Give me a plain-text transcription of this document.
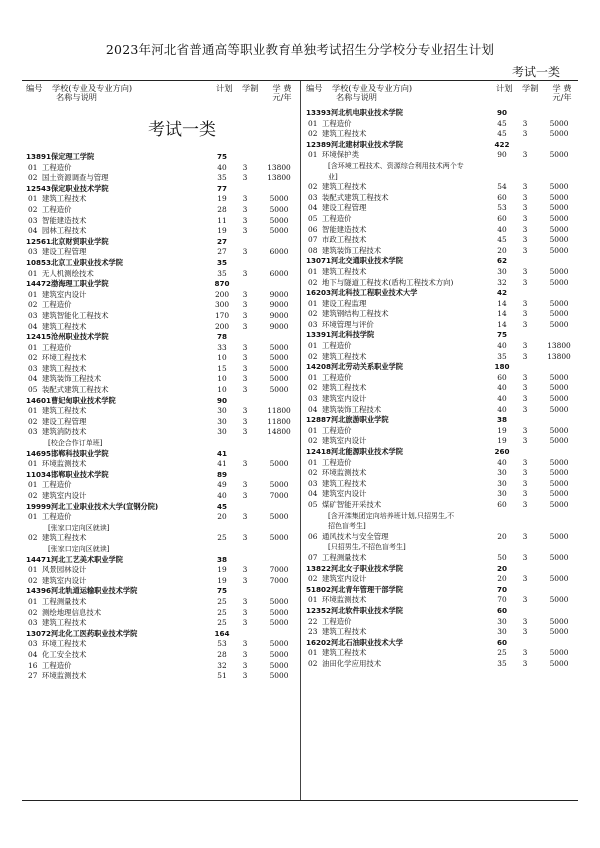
2023年河北省普通高等职业教育单独考试招生分学校分专业招生计划
考试一类
编号 学校(专业及专业方向)
名称与说明
计划 学制	学 费
元/年
考试一类
13891 保定理工学院	75
01 工程造价	40	3	13800
02 国土资源调查与管理	35	3	13800
12543 保定职业技术学院	77
01 建筑工程技术	19	3	5000
02 工程造价	28	3	5000
03 智能建造技术	11	3	5000
04 园林工程技术	19	3	5000
12561 北京财贸职业学院	27
03 建设工程管理	27	3	6000
10853 北京工业职业技术学院	35
01 无人机测绘技术	35	3	6000
14472 渤海理工职业学院	870
01 建筑室内设计	200	3	9000
02 工程造价	300	3	9000
03 建筑智能化工程技术	170	3	9000
04 建筑工程技术	200	3	9000
12415 沧州职业技术学院	78
01 工程造价	33	3	5000
02 环境工程技术	10	3	5000
03 建筑工程技术	15	3	5000
04 建筑装饰工程技术	10	3	5000
05 装配式建筑工程技术	10	3	5000
14601 曹妃甸职业技术学院	90
01 建筑工程技术	30	3	11800
02 建设工程管理	30	3	11800
03 建筑消防技术	30	3	14800
[校企合作订单班]
14695 邯郸科技职业学院	41
01 环境监测技术	41	3	5000
11034 邯郸职业技术学院	89
01 工程造价	49	3	5000
02 建筑室内设计	40	3	7000
19999 河北工业职业技术大学(宣钢分院)	45
01 工程造价	20	3	5000
[张家口定向区就读]
02 建筑工程技术	25	3	5000
[张家口定向区就读]
14471 河北工艺美术职业学院	38
01 风景园林设计	19	3	7000
02 建筑室内设计	19	3	7000
14396 河北轨道运输职业技术学院	75
01 工程测量技术	25	3	5000
02 测绘地理信息技术	25	3	5000
03 建筑工程技术	25	3	5000
13072 河北化工医药职业技术学院	164
03 环境工程技术	53	3	5000
04 化工安全技术	28	3	5000
16 工程造价	32	3	5000
27 环境监测技术	51	3	5000
编号 学校(专业及专业方向)
名称与说明
计划 学制	学 费
元/年
13393 河北机电职业技术学院	90
01 工程造价	45	3	5000
02 建筑工程技术	45	3	5000
12389 河北建材职业技术学院	422
01 环境保护类	90	3	5000
[含环境工程技术、资源综合利用技术两个专
业]
02 建筑工程技术	54	3	5000
03 装配式建筑工程技术	60	3	5000
04 建设工程管理	53	3	5000
05 工程造价	60	3	5000
06 智能建造技术	40	3	5000
07 市政工程技术	45	3	5000
08 建筑装饰工程技术	20	3	5000
13071 河北交通职业技术学院	62
01 建筑工程技术	30	3	5000
02 地下与隧道工程技术(盾构工程技术方向)	32	3	5000
16203 河北科技工程职业技术大学	42
01 建设工程监理	14	3	5000
02 建筑钢结构工程技术	14	3	5000
03 环境管理与评价	14	3	5000
13391 河北科技学院	75
01 工程造价	40	3	13800
02 建筑工程技术	35	3	13800
14208 河北劳动关系职业学院	180
01 工程造价	60	3	5000
02 建筑工程技术	40	3	5000
03 建筑室内设计	40	3	5000
04 建筑装饰工程技术	40	3	5000
12887 河北旅游职业学院	38
01 工程造价	19	3	5000
02 建筑室内设计	19	3	5000
12418 河北能源职业技术学院	260
01 工程造价	40	3	5000
02 环境监测技术	30	3	5000
03 建筑工程技术	30	3	5000
04 建筑室内设计	30	3	5000
05 煤矿智能开采技术	60	3	5000
[含开滦集团定向培养班计划,只招男生,不
招色盲考生]
06 通风技术与安全管理	20	3	5000
[只招男生,不招色盲考生]
07 工程测量技术	50	3	5000
13822 河北女子职业技术学院	20
02 建筑室内设计	20	3	5000
51802 河北青年管理干部学院	70
01 环境监测技术	70	3	5000
12352 河北软件职业技术学院	60
22 工程造价	30	3	5000
23 建筑工程技术	30	3	5000
16202 河北石油职业技术大学	60
01 建筑工程技术	25	3	5000
02 油田化学应用技术	35	3	5000
